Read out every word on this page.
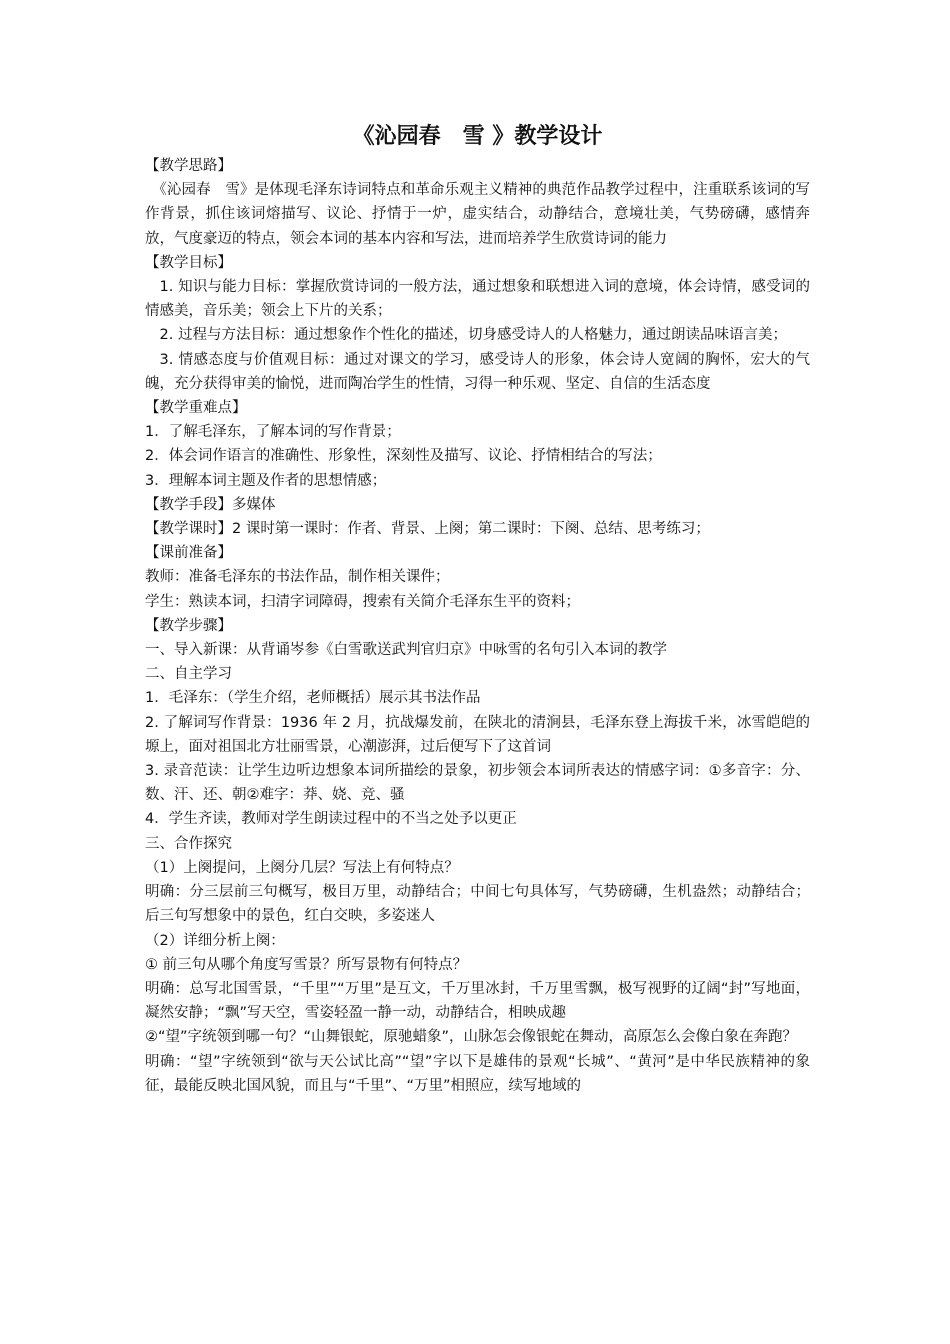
《沁园春　雪 》教学设计

【教学思路】

《沁园春　雪》是体现毛泽东诗词特点和革命乐观主义精神的典范作品教学过程中，注重联系该词的写作背景，抓住该词熔描写、议论、抒情于一炉，虚实结合，动静结合，意境壮美，气势磅礴，感情奔放，气度豪迈的特点，领会本词的基本内容和写法，进而培养学生欣赏诗词的能力

【教学目标】

1. 知识与能力目标：掌握欣赏诗词的一般方法，通过想象和联想进入词的意境，体会诗情，感受词的情感美，音乐美；领会上下片的关系；

2. 过程与方法目标：通过想象作个性化的描述，切身感受诗人的人格魅力，通过朗读品味语言美；

3. 情感态度与价值观目标：通过对课文的学习，感受诗人的形象，体会诗人宽阔的胸怀，宏大的气魄，充分获得审美的愉悦，进而陶冶学生的性情，习得一种乐观、坚定、自信的生活态度

【教学重难点】

1．了解毛泽东，了解本词的写作背景；

2．体会词作语言的准确性、形象性，深刻性及描写、议论、抒情相结合的写法；

3．理解本词主题及作者的思想情感；

【教学手段】多媒体

【教学课时】2 课时第一课时：作者、背景、上阕；第二课时：下阕、总结、思考练习；

【课前准备】

教师：准备毛泽东的书法作品，制作相关课件；

学生：熟读本词，扫清字词障碍，搜索有关简介毛泽东生平的资料；

【教学步骤】

一、导入新课：从背诵岑参《白雪歌送武判官归京》中咏雪的名句引入本词的教学

二、自主学习

1．毛泽东：（学生介绍，老师概括）展示其书法作品

2. 了解词写作背景：1936 年 2 月，抗战爆发前，在陕北的清涧县，毛泽东登上海拔千米，冰雪皑皑的塬上，面对祖国北方壮丽雪景，心潮澎湃，过后便写下了这首词

3. 录音范读：让学生边听边想象本词所描绘的景象，初步领会本词所表达的情感字词：①多音字：分、数、汗、还、朝②难字：莽、娆、竞、骚

4．学生齐读，教师对学生朗读过程中的不当之处予以更正

三、合作探究

（1）上阕提问，上阕分几层？写法上有何特点？

明确：分三层前三句概写，极目万里，动静结合；中间七句具体写，气势磅礴，生机盎然；动静结合；后三句写想象中的景色，红白交映，多姿迷人

（2）详细分析上阕：

① 前三句从哪个角度写雪景？所写景物有何特点？

明确：总写北国雪景，“千里”“万里”是互文，千万里冰封，千万里雪飘，极写视野的辽阔“封”写地面，凝然安静；“飘”写天空，雪姿轻盈一静一动，动静结合，相映成趣

②“望”字统领到哪一句？“山舞银蛇，原驰蜡象”，山脉怎会像银蛇在舞动，高原怎么会像白象在奔跑？

明确：“望”字统领到“欲与天公试比高”“望”字以下是雄伟的景观“长城”、“黄河”是中华民族精神的象征，最能反映北国风貌，而且与“千里”、“万里”相照应，续写地域的
